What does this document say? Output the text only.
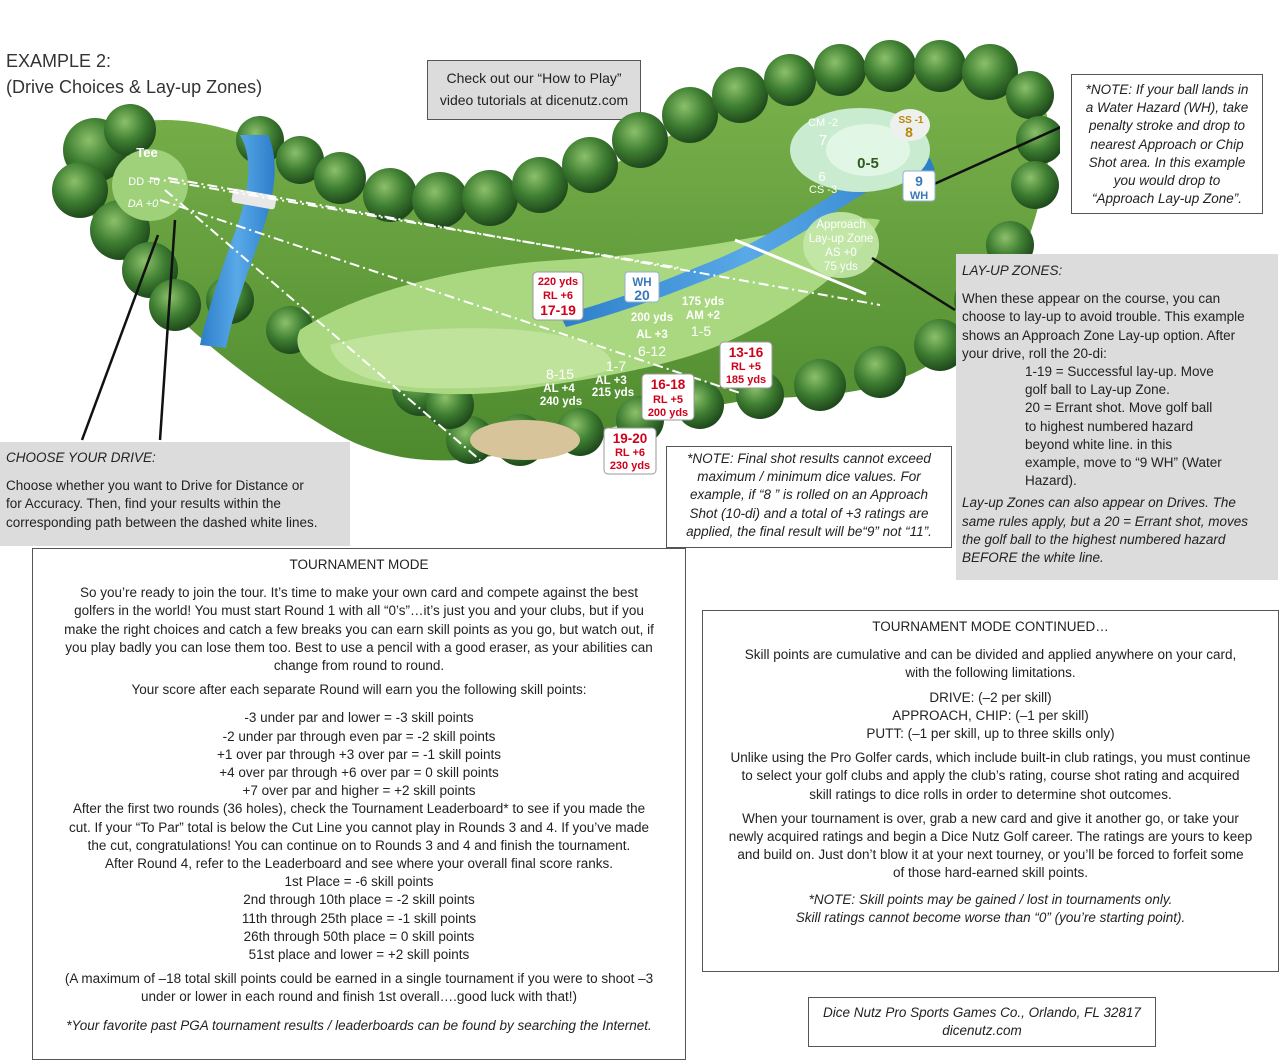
EXAMPLE 2:
(Drive Choices & Lay-up Zones)	Check out our “How to Play”
video tutorials at dicenutz.com
*NOTE: If your ball lands in
a Water Hazard (WH), take
penalty stroke and drop to
nearest Approach or Chip
Shot area. In this example
you would drop to
“Approach Lay-up Zone”.
Tee
DD +0
DA +0
CM -2
7
SS -1
8
0-5
6
CS -3
9
WH
Approach
Lay-up Zone
AS +0
75 yds
WH
20
220 yds
RL +6
17-19
13-16
RL +5
185 yds
16-18
RL +5
200 yds
19-20
RL +6
230 yds
175 yds
AM +2
1-5
200 yds
AL +3
6-12
1-7
AL +3
215 yds
8-15
AL +4
240 yds
LAY-UP ZONES:
When these appear on the course, you can
choose to lay-up to avoid trouble. This example
shows an Approach Zone Lay-up option. After
your drive, roll the 20-di:
1-19 = Successful lay-up. Move
golf ball to Lay-up Zone.
20 = Errant shot. Move golf ball
to highest numbered hazard
beyond white line. in this
example, move to “9 WH” (Water
Hazard).
Lay-up Zones can also appear on Drives. The
same rules apply, but a 20 = Errant shot, moves
the golf ball to the highest numbered hazard
BEFORE the white line.
CHOOSE YOUR DRIVE:
Choose whether you want to Drive for Distance or
for Accuracy. Then, find your results within the
corresponding path between the dashed white lines.
*NOTE: Final shot results cannot exceed
maximum / minimum dice values. For
example, if “8 ” is rolled on an Approach
Shot (10-di) and a total of +3 ratings are
applied, the final result will be“9” not “11”.
TOURNAMENT MODE
So you’re ready to join the tour. It’s time to make your own card and compete against the best
golfers in the world! You must start Round 1 with all “0’s”…it’s just you and your clubs, but if you
make the right choices and catch a few breaks you can earn skill points as you go, but watch out, if
you play badly you can lose them too. Best to use a pencil with a good eraser, as your abilities can
change from round to round.
Your score after each separate Round will earn you the following skill points:
-3 under par and lower = -3 skill points
-2 under par through even par = -2 skill points
+1 over par through +3 over par = -1 skill points
+4 over par through +6 over par = 0 skill points
+7 over par and higher = +2 skill points
After the first two rounds (36 holes), check the Tournament Leaderboard* to see if you made the
cut. If your “To Par” total is below the Cut Line you cannot play in Rounds 3 and 4. If you’ve made
the cut, congratulations! You can continue on to Rounds 3 and 4 and finish the tournament.
After Round 4, refer to the Leaderboard and see where your overall final score ranks.
1st Place = -6 skill points
2nd through 10th place = -2 skill points
11th through 25th place = -1 skill points
26th through 50th place = 0 skill points
51st place and lower = +2 skill points
(A maximum of –18 total skill points could be earned in a single tournament if you were to shoot –3
under or lower in each round and finish 1st overall….good luck with that!)
*Your favorite past PGA tournament results / leaderboards can be found by searching the Internet.
TOURNAMENT MODE CONTINUED…
Skill points are cumulative and can be divided and applied anywhere on your card,
with the following limitations.
DRIVE: (–2 per skill)
APPROACH, CHIP: (–1 per skill)
PUTT: (–1 per skill, up to three skills only)
Unlike using the Pro Golfer cards, which include built-in club ratings, you must continue
to select your golf clubs and apply the club’s rating, course shot rating and acquired
skill ratings to dice rolls in order to determine shot outcomes.
When your tournament is over, grab a new card and give it another go, or take your
newly acquired ratings and begin a Dice Nutz Golf career. The ratings are yours to keep
and build on. Just don’t blow it at your next tourney, or you’ll be forced to forfeit some
of those hard-earned skill points.
*NOTE: Skill points may be gained / lost in tournaments only.
Skill ratings cannot become worse than “0” (you’re starting point).
Dice Nutz Pro Sports Games Co., Orlando, FL 32817
dicenutz.com
